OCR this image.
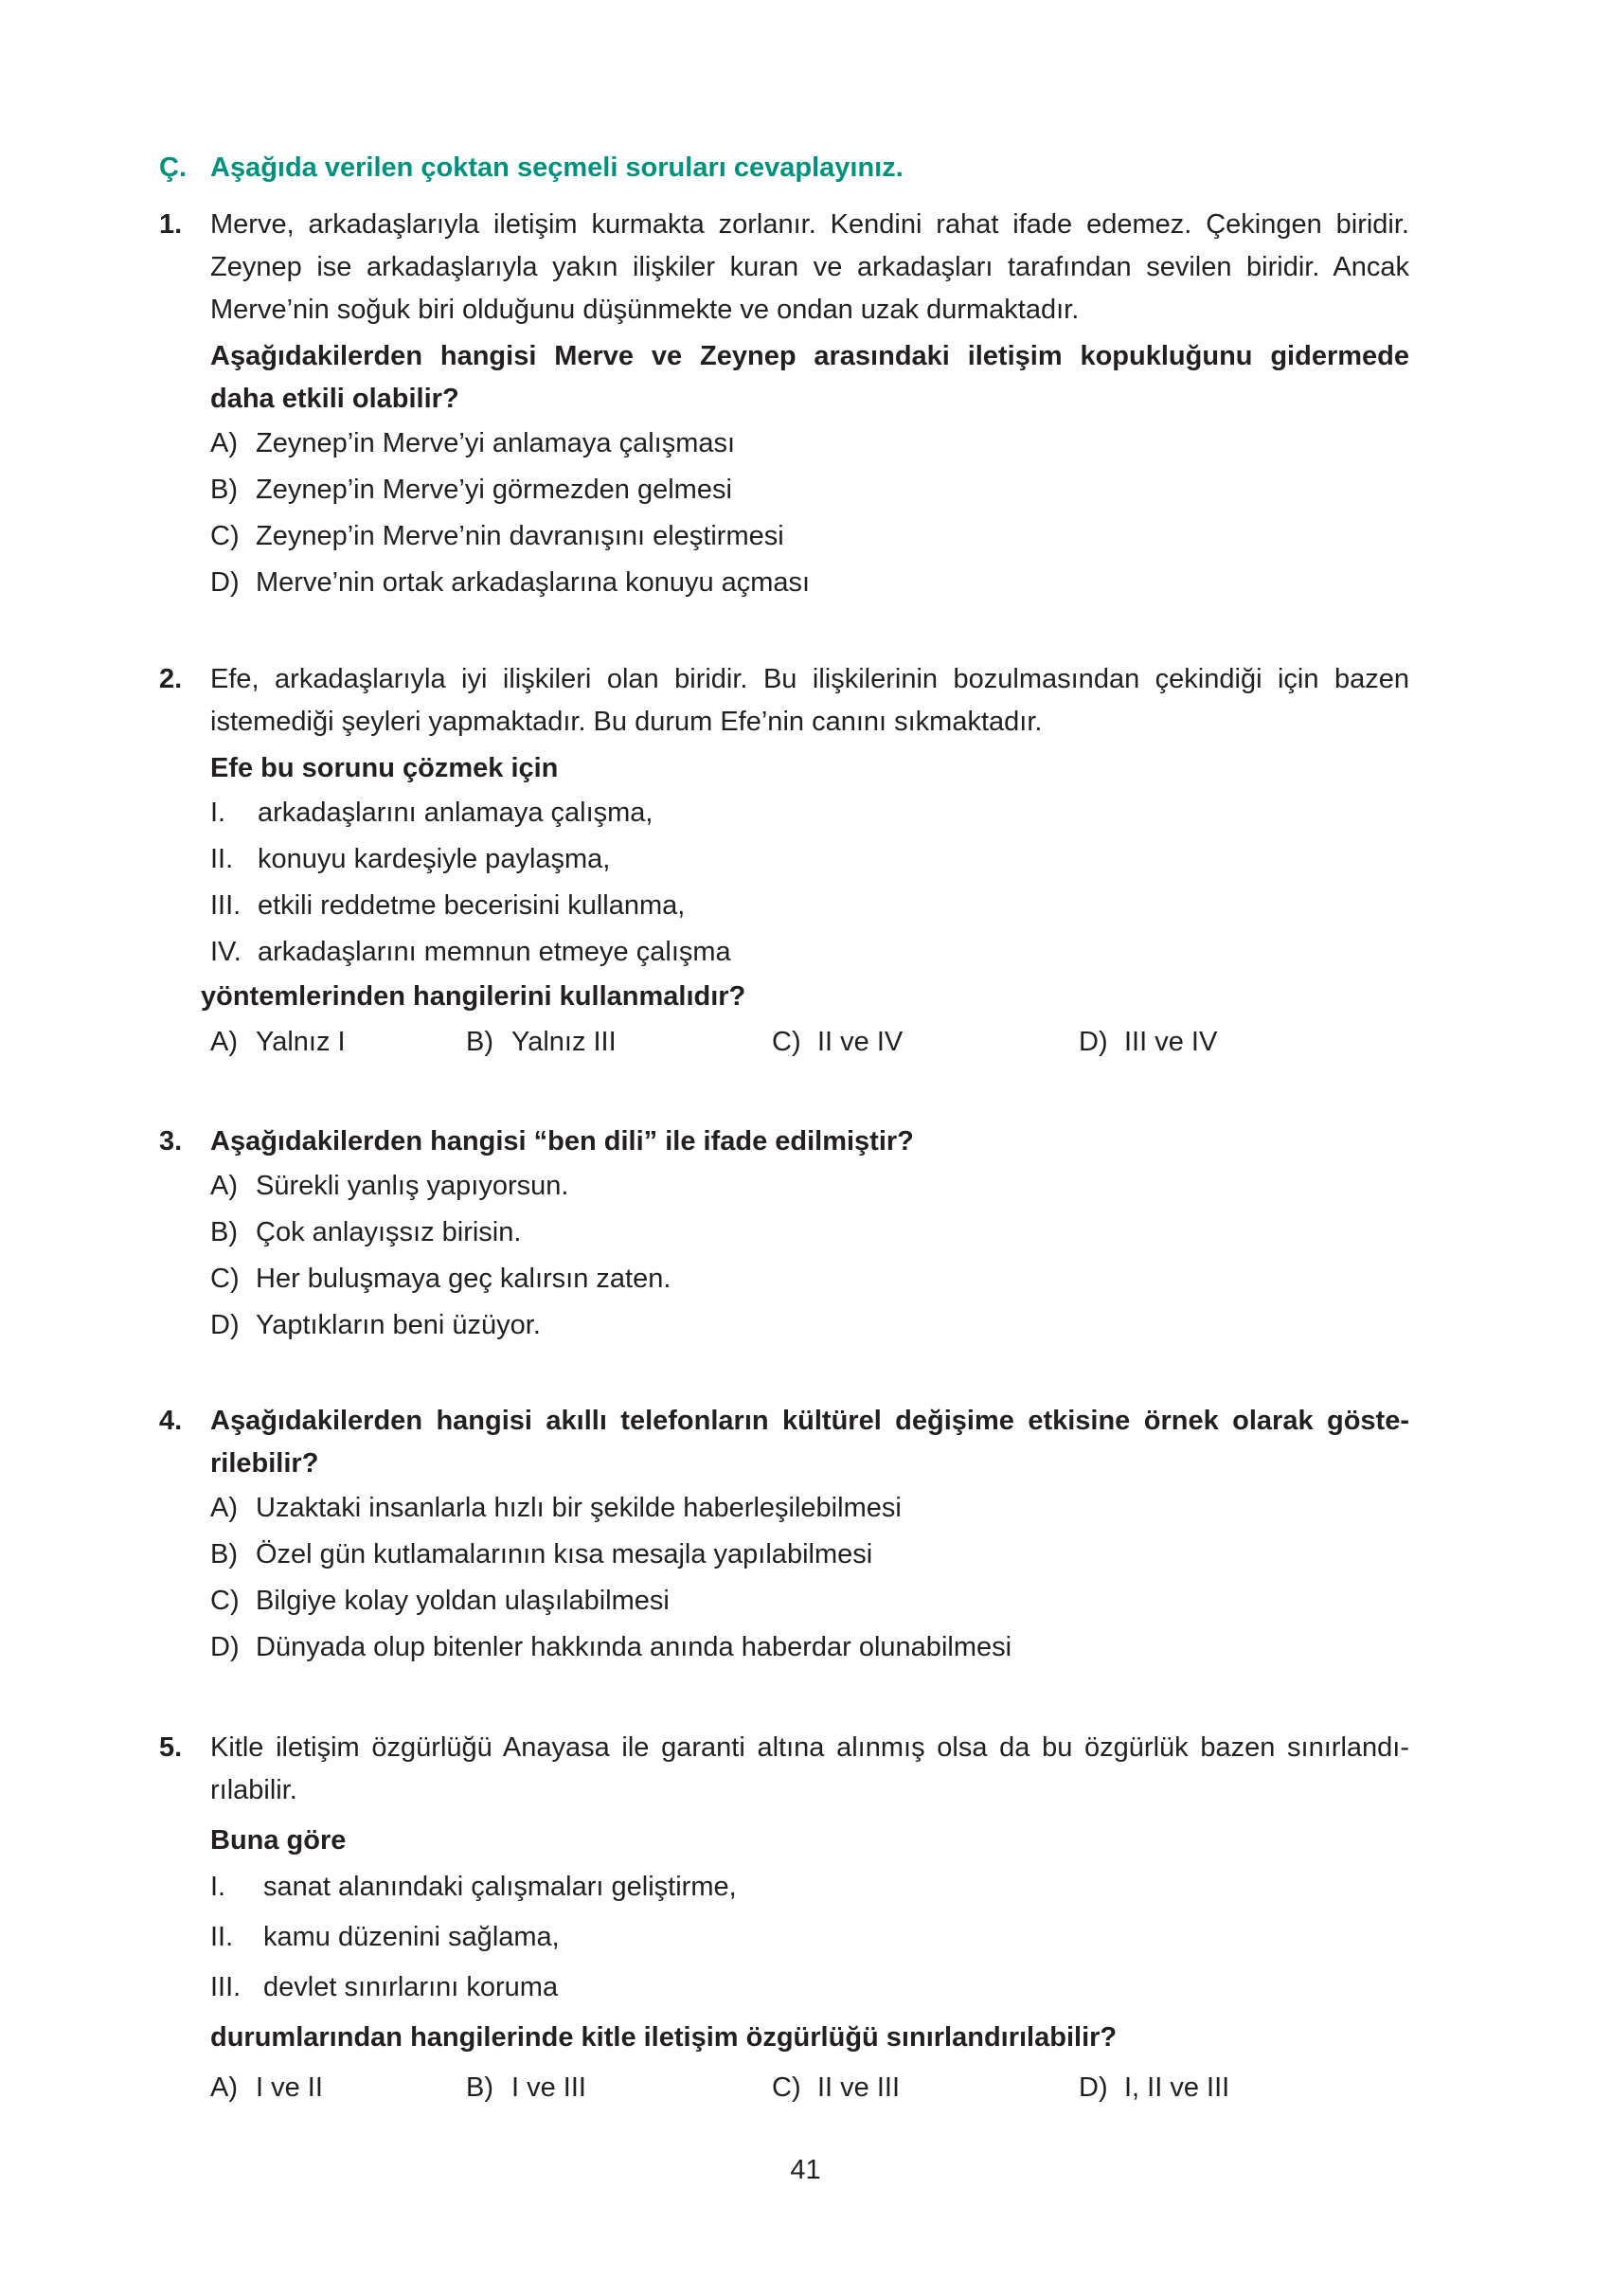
Ç. Aşağıda verilen çoktan seçmeli soruları cevaplayınız.
1.	Merve, arkadaşlarıyla iletişim kurmakta zorlanır. Kendini rahat ifade edemez. Çekingen biridir.
Zeynep ise arkadaşlarıyla yakın ilişkiler kuran ve arkadaşları tarafından sevilen biridir. Ancak
Merve’nin soğuk biri olduğunu düşünmekte ve ondan uzak durmaktadır.
Aşağıdakilerden hangisi Merve ve Zeynep arasındaki iletişim kopukluğunu gidermede
daha etkili olabilir?
A) Zeynep’in Merve’yi anlamaya çalışması
B) Zeynep’in Merve’yi görmezden gelmesi
C) Zeynep’in Merve’nin davranışını eleştirmesi
D) Merve’nin ortak arkadaşlarına konuyu açması
2.	Efe, arkadaşlarıyla iyi ilişkileri olan biridir. Bu ilişkilerinin bozulmasından çekindiği için bazen
istemediği şeyleri yapmaktadır. Bu durum Efe’nin canını sıkmaktadır.
Efe bu sorunu çözmek için
I. arkadaşlarını anlamaya çalışma,
II. konuyu kardeşiyle paylaşma,
III. etkili reddetme becerisini kullanma,
IV. arkadaşlarını memnun etmeye çalışma
yöntemlerinden hangilerini kullanmalıdır?
A) Yalnız I	B) Yalnız III	C) II ve IV	D) III ve IV
3.	Aşağıdakilerden hangisi “ben dili” ile ifade edilmiştir?
A) Sürekli yanlış yapıyorsun.
B) Çok anlayışsız birisin.
C) Her buluşmaya geç kalırsın zaten.
D) Yaptıkların beni üzüyor.
4.	Aşağıdakilerden hangisi akıllı telefonların kültürel değişime etkisine örnek olarak göste-
rilebilir?
A) Uzaktaki insanlarla hızlı bir şekilde haberleşilebilmesi
B) Özel gün kutlamalarının kısa mesajla yapılabilmesi
C) Bilgiye kolay yoldan ulaşılabilmesi
D) Dünyada olup bitenler hakkında anında haberdar olunabilmesi
5.	Kitle iletişim özgürlüğü Anayasa ile garanti altına alınmış olsa da bu özgürlük bazen sınırlandı-
rılabilir.
Buna göre
I. sanat alanındaki çalışmaları geliştirme,
II. kamu düzenini sağlama,
III. devlet sınırlarını koruma
durumlarından hangilerinde kitle iletişim özgürlüğü sınırlandırılabilir?
A) I ve II	B) I ve III	C) II ve III	D) I, II ve III
41
